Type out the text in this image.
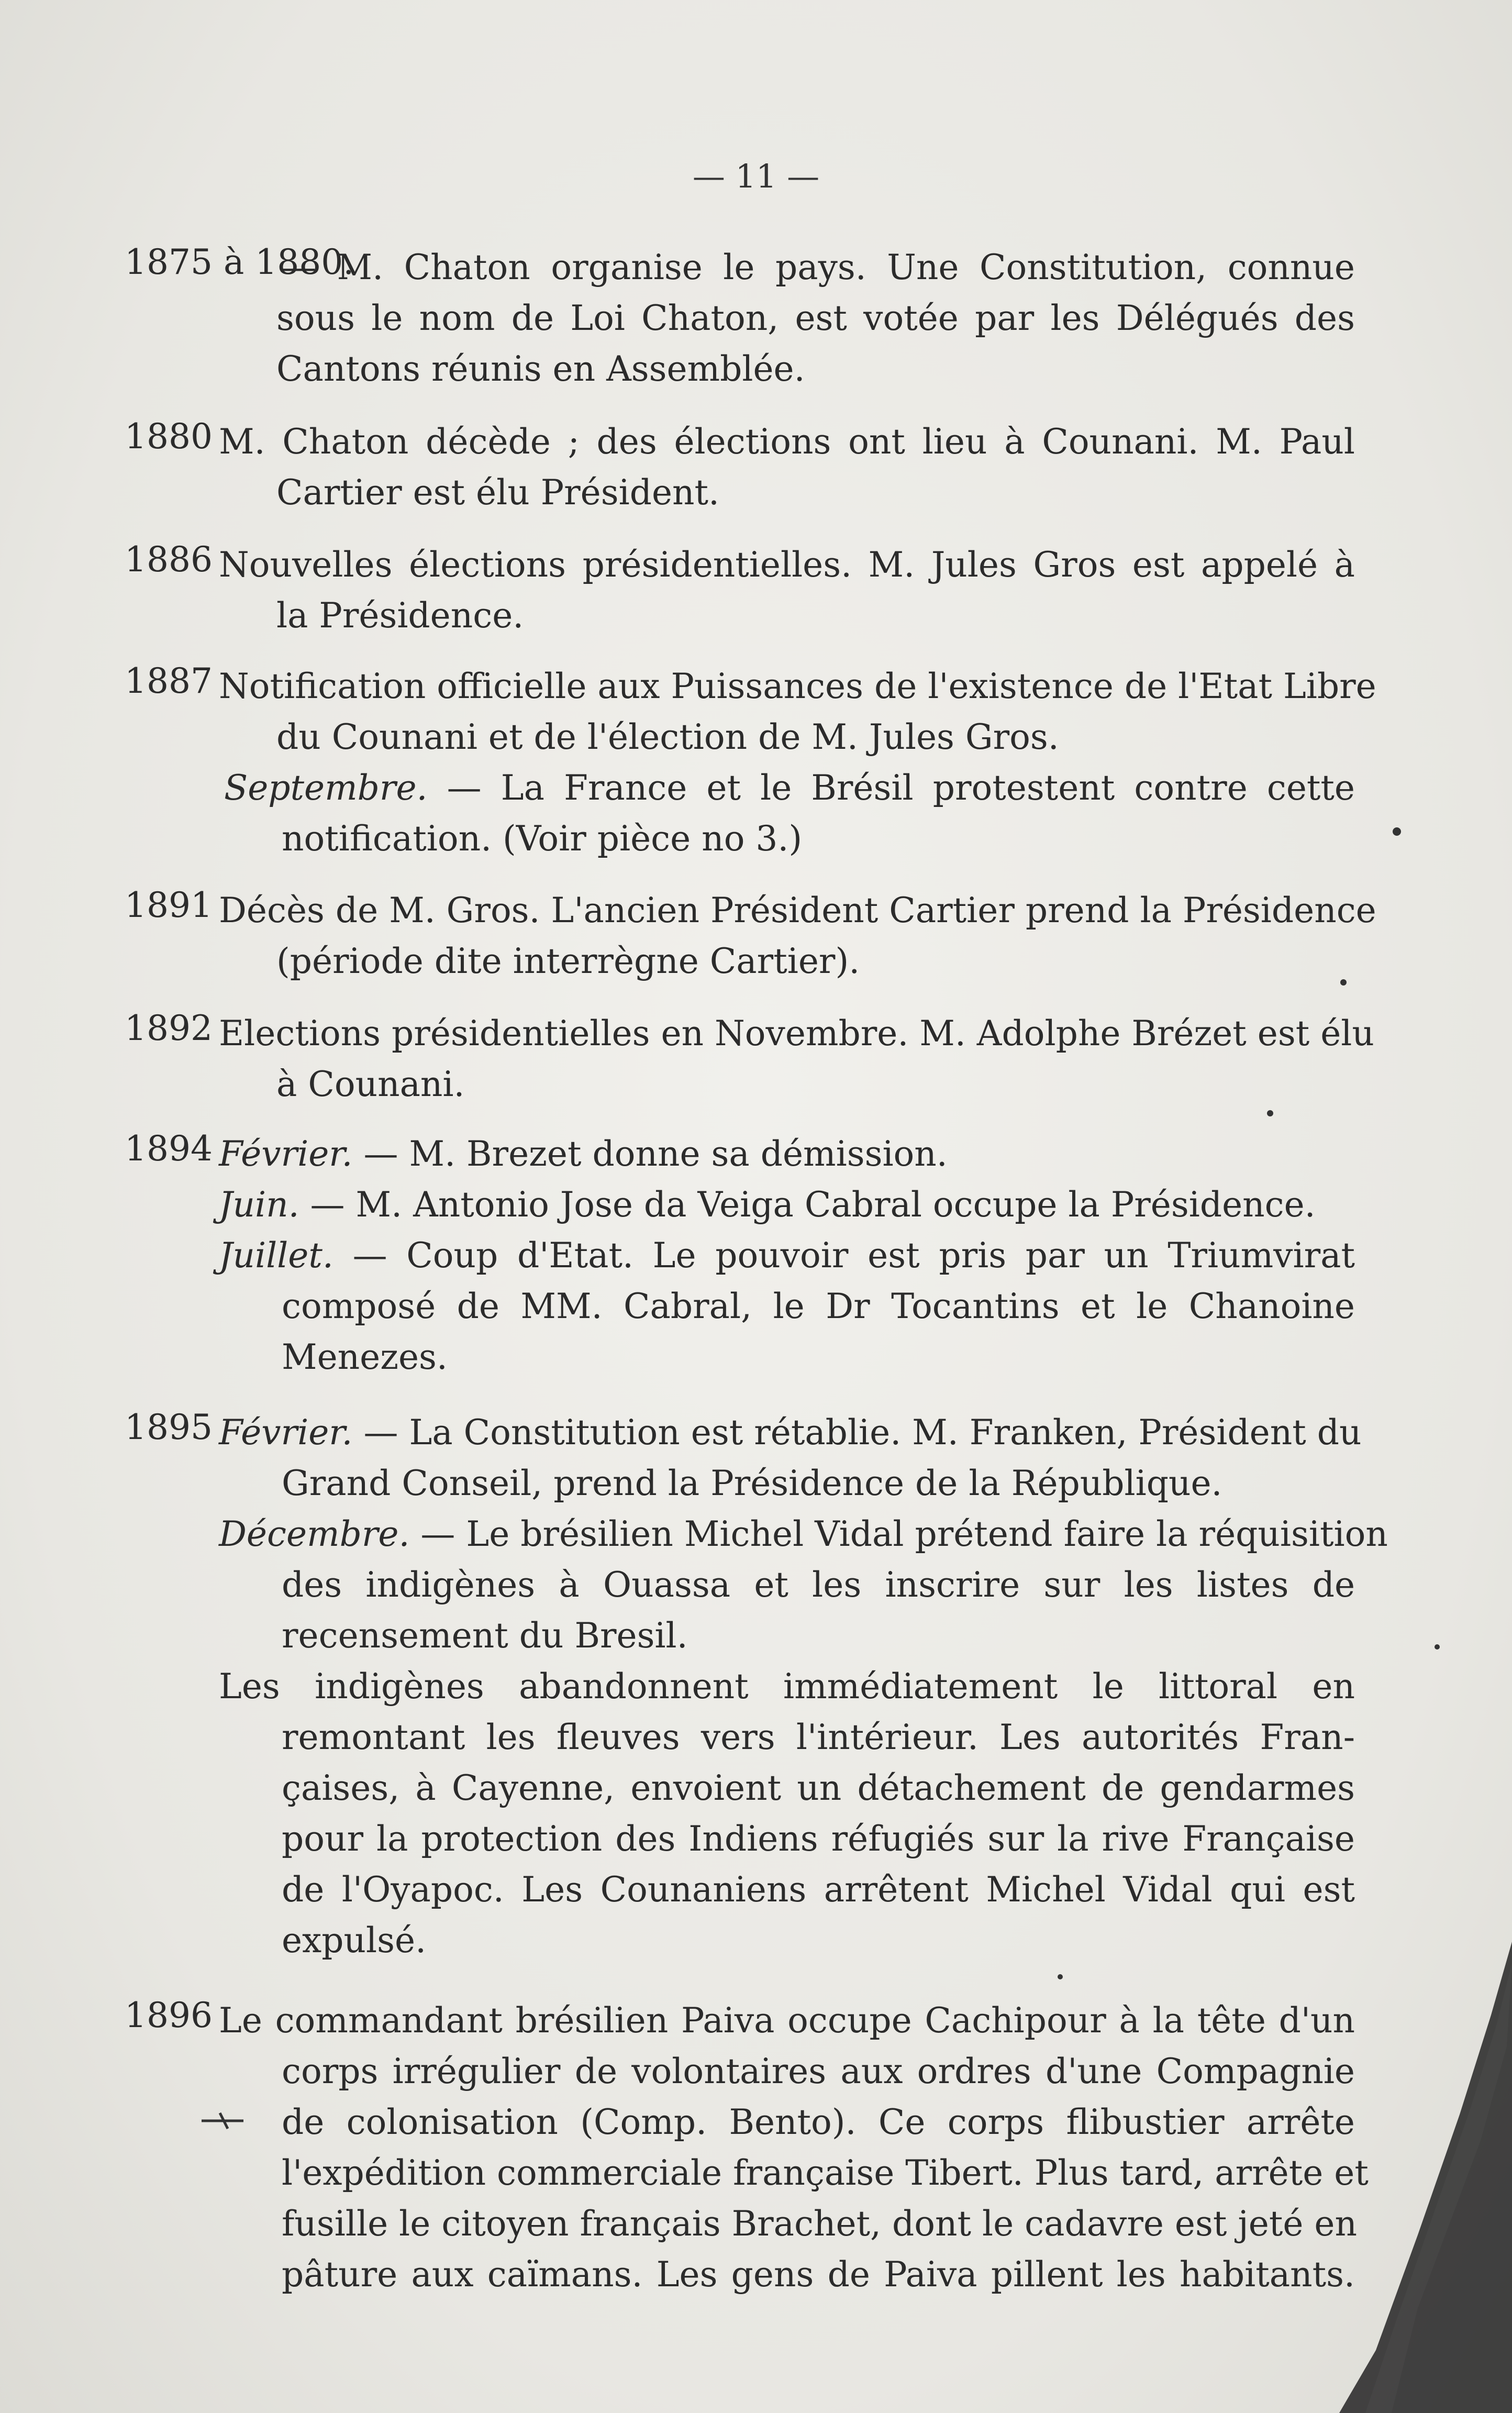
— 11 —
1875 à 1880.
— M. Chaton organise le pays. Une Constitution, connue
sous le nom de Loi Chaton, est votée par les Délégués des
Cantons réunis en Assemblée.
1880 M. Chaton décède ; des élections ont lieu à Counani. M. Paul
Cartier est élu Président.
1886 Nouvelles élections présidentielles. M. Jules Gros est appelé à
la Présidence.
1887 Notification officielle aux Puissances de l'existence de l'Etat Libre
du Counani et de l'élection de M. Jules Gros.
Septembre. — La France et le Brésil protestent contre cette
notification. (Voir pièce no 3.)
1891 Décès de M. Gros. L'ancien Président Cartier prend la Présidence
(période dite interrègne Cartier).
1892 Elections présidentielles en Novembre. M. Adolphe Brézet est élu
à Counani.
1894 Février. — M. Brezet donne sa démission.
Juin. — M. Antonio Jose da Veiga Cabral occupe la Présidence.
Juillet. — Coup d'Etat. Le pouvoir est pris par un Triumvirat
composé de MM. Cabral, le Dr Tocantins et le Chanoine
Menezes.
1895 Février. — La Constitution est rétablie. M. Franken, Président du
Grand Conseil, prend la Présidence de la République.
Décembre. — Le brésilien Michel Vidal prétend faire la réquisition
des indigènes à Ouassa et les inscrire sur les listes de
recensement du Bresil.
Les indigènes abandonnent immédiatement le littoral en
remontant les fleuves vers l'intérieur. Les autorités Fran-
çaises, à Cayenne, envoient un détachement de gendarmes
pour la protection des Indiens réfugiés sur la rive Française
de l'Oyapoc. Les Counaniens arrêtent Michel Vidal qui est
expulsé.
1896 Le commandant brésilien Paiva occupe Cachipour à la tête d'un
corps irrégulier de volontaires aux ordres d'une Compagnie
de colonisation (Comp. Bento). Ce corps flibustier arrête
l'expédition commerciale française Tibert. Plus tard, arrête et
fusille le citoyen français Brachet, dont le cadavre est jeté en
pâture aux caïmans. Les gens de Paiva pillent les habitants.
